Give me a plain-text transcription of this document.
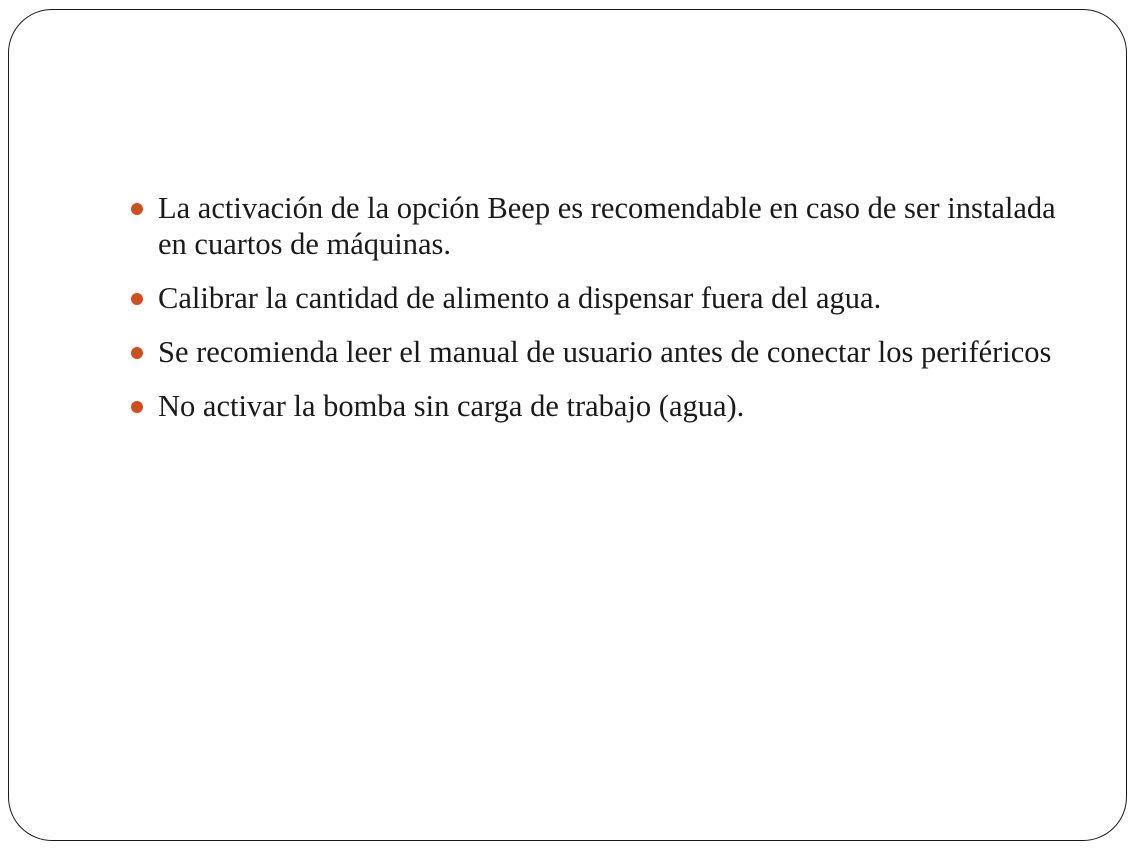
La activación de la opción Beep es recomendable en caso de ser instalada en cuartos de máquinas.
Calibrar la cantidad de alimento a dispensar fuera del agua.
Se recomienda leer el manual de usuario antes de conectar los periféricos
No activar la bomba sin carga de trabajo (agua).
